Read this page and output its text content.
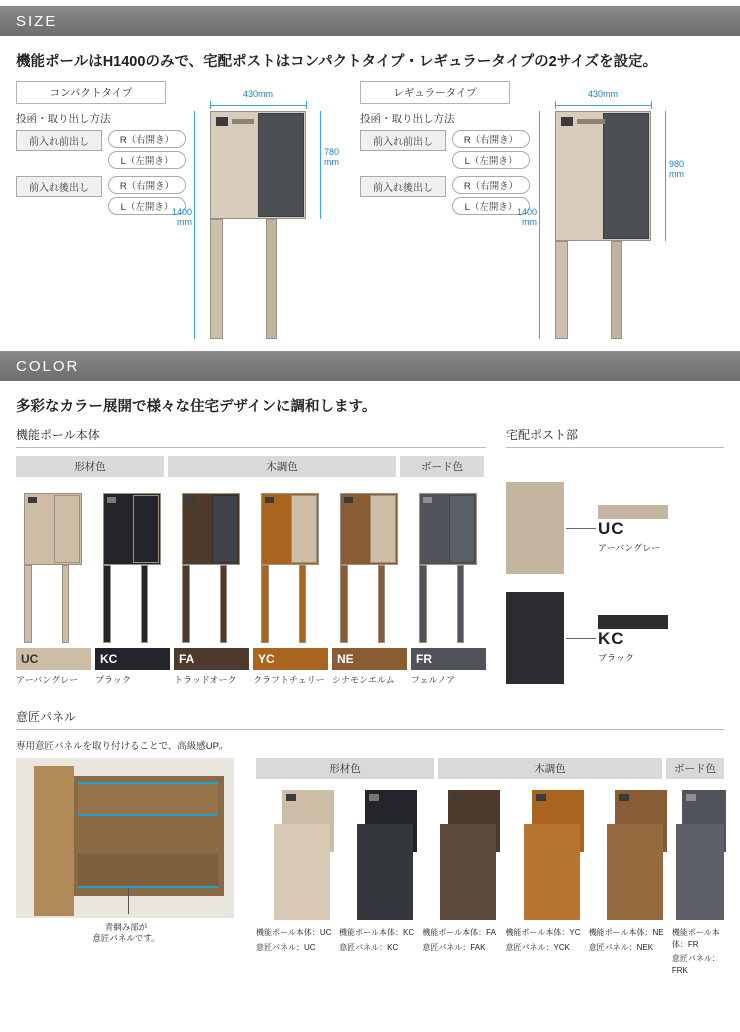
SIZE
機能ポールはH1400のみで、宅配ポストはコンパクトタイプ・レギュラータイプの2サイズを設定。
コンパクトタイプ
投函・取り出し方法
前入れ前出し	R（右開き）
L（左開き）
前入れ後出し	R（右開き）
L（左開き）
430mm
780
mm
1400
mm
レギュラータイプ
投函・取り出し方法
前入れ前出し	R（右開き）
L（左開き）
前入れ後出し	R（右開き）
L（左開き）
430mm
980
mm
1400
mm
COLOR
多彩なカラー展開で様々な住宅デザインに調和します。
機能ポール本体
形材色	木調色	ボード色
UC
アーバングレー
KC
ブラック
FA
トラッドオーク
YC
クラフトチェリー
NE
シナモンエルム
FR
フェルノア
宅配ポスト部
UC
アーバングレー
KC
ブラック
意匠パネル
専用意匠パネルを取り付けることで、高級感UP。
青網み部が
意匠パネルです。
形材色	木調色	ボード色
機能ポール本体：UC
意匠パネル：UC
機能ポール本体：KC
意匠パネル：KC
機能ポール本体：FA
意匠パネル：FAK
機能ポール本体：YC
意匠パネル：YCK
機能ポール本体：NE
意匠パネル：NEK
機能ポール本体：FR
意匠パネル：FRK
